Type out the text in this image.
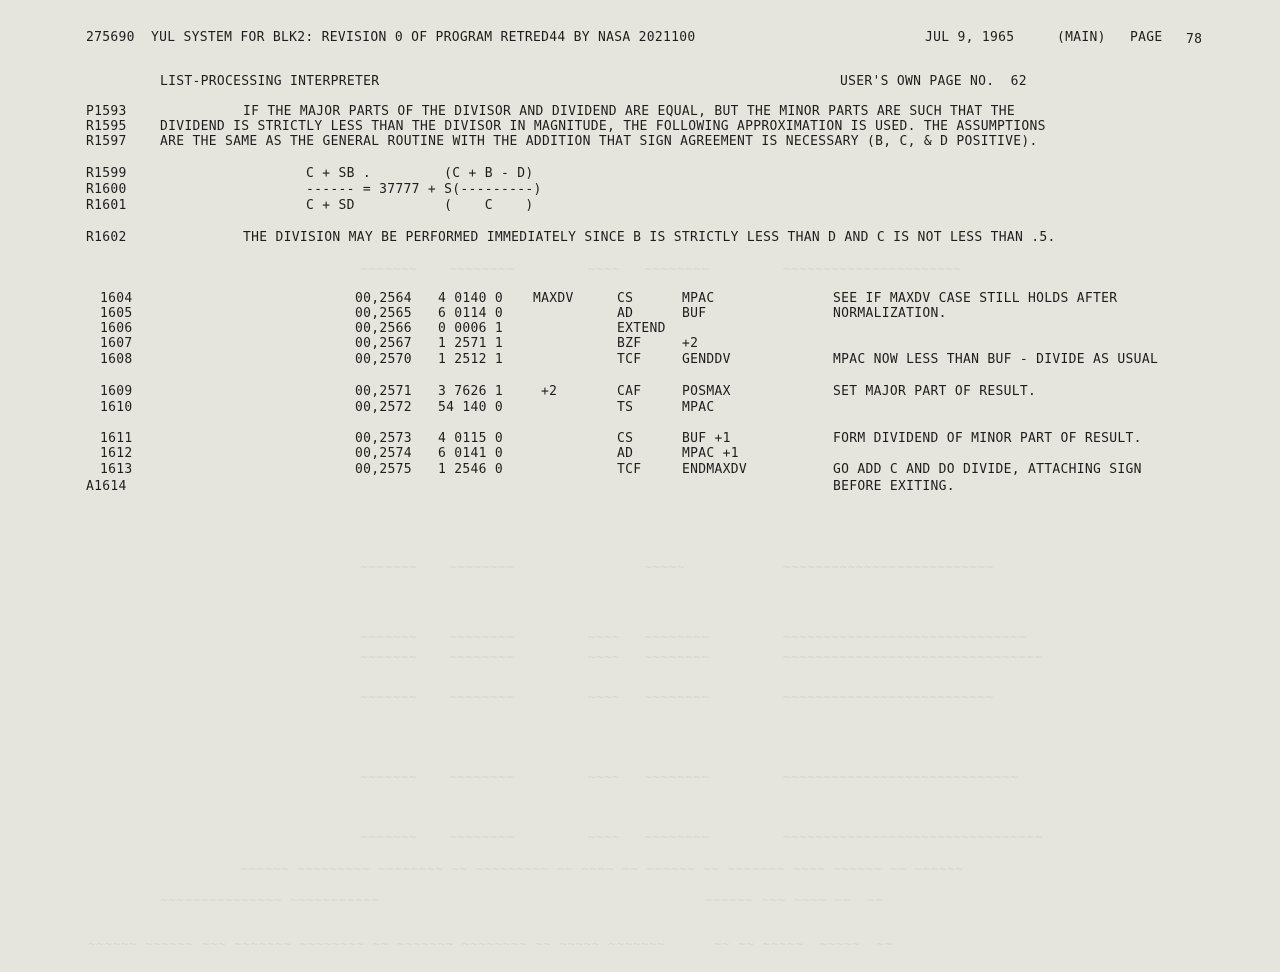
~~~~~~~    ~~~~~~~~         ~~~~   ~~~~~~~~         ~~~~~~~~~~~~~~~~~~~~~~
~~~~~~~    ~~~~~~~~                ~~~~~            ~~~~~~~~~~~~~~~~~~~~~~~~~~
~~~~~~~    ~~~~~~~~         ~~~~   ~~~~~~~~         ~~~~~~~~~~~~~~~~~~~~~~~~~~~~~~
~~~~~~~    ~~~~~~~~         ~~~~   ~~~~~~~~         ~~~~~~~~~~~~~~~~~~~~~~~~~~~~~~~~
~~~~~~~    ~~~~~~~~         ~~~~   ~~~~~~~~         ~~~~~~~~~~~~~~~~~~~~~~~~~~
~~~~~~~    ~~~~~~~~         ~~~~   ~~~~~~~~         ~~~~~~~~~~~~~~~~~~~~~~~~~~~~~
~~~~~~~    ~~~~~~~~         ~~~~   ~~~~~~~~         ~~~~~~~~~~~~~~~~~~~~~~~~~~~~~~~~
~~~~~~ ~~~~~~~~~ ~~~~~~~~ ~~ ~~~~~~~~~ ~~ ~~~~ ~~ ~~~~~~ ~~ ~~~~~~~ ~~~~ ~~~~~~ ~~ ~~~~~~
~~~~~~~~~~~~~~~ ~~~~~~~~~~~                                        ~~~~~~ ~~~ ~~~~ ~~  ~~
~~~~~~ ~~~~~~ ~~~ ~~~~~~~ ~~~~~~~~ ~~ ~~~~~~~ ~~~~~~~~ ~~ ~~~~~ ~~~~~~~      ~~ ~~ ~~~~~  ~~~~~  ~~
275690  YUL SYSTEM FOR BLK2: REVISION 0 OF PROGRAM RETRED44 BY NASA 2021100	JUL 9, 1965	(MAIN) PAGE 78
LIST-PROCESSING INTERPRETER	USER'S OWN PAGE NO.  62
P1593	IF THE MAJOR PARTS OF THE DIVISOR AND DIVIDEND ARE EQUAL, BUT THE MINOR PARTS ARE SUCH THAT THE
R1595	DIVIDEND IS STRICTLY LESS THAN THE DIVISOR IN MAGNITUDE, THE FOLLOWING APPROXIMATION IS USED. THE ASSUMPTIONS
R1597	ARE THE SAME AS THE GENERAL ROUTINE WITH THE ADDITION THAT SIGN AGREEMENT IS NECESSARY (B, C, & D POSITIVE).
R1599	C + SB .         (C + B - D)
R1600	------ = 37777 + S(---------)
R1601	C + SD           (    C    )
R1602	THE DIVISION MAY BE PERFORMED IMMEDIATELY SINCE B IS STRICTLY LESS THAN D AND C IS NOT LESS THAN .5.
1604	00,2564 4 0140 0 MAXDV	CS	MPAC	SEE IF MAXDV CASE STILL HOLDS AFTER
1605	00,2565 6 0114 0	AD	BUF	NORMALIZATION.
1606	00,2566 0 0006 1	EXTEND
1607	00,2567 1 2571 1	BZF	+2
1608	00,2570 1 2512 1	TCF	GENDDV	MPAC NOW LESS THAN BUF - DIVIDE AS USUAL
1609	00,2571 3 7626 1	+2	CAF	POSMAX	SET MAJOR PART OF RESULT.
1610	00,2572 54 140 0	TS	MPAC
1611	00,2573 4 0115 0	CS	BUF +1	FORM DIVIDEND OF MINOR PART OF RESULT.
1612	00,2574 6 0141 0	AD	MPAC +1
1613	00,2575 1 2546 0	TCF	ENDMAXDV	GO ADD C AND DO DIVIDE, ATTACHING SIGN
A1614	BEFORE EXITING.
